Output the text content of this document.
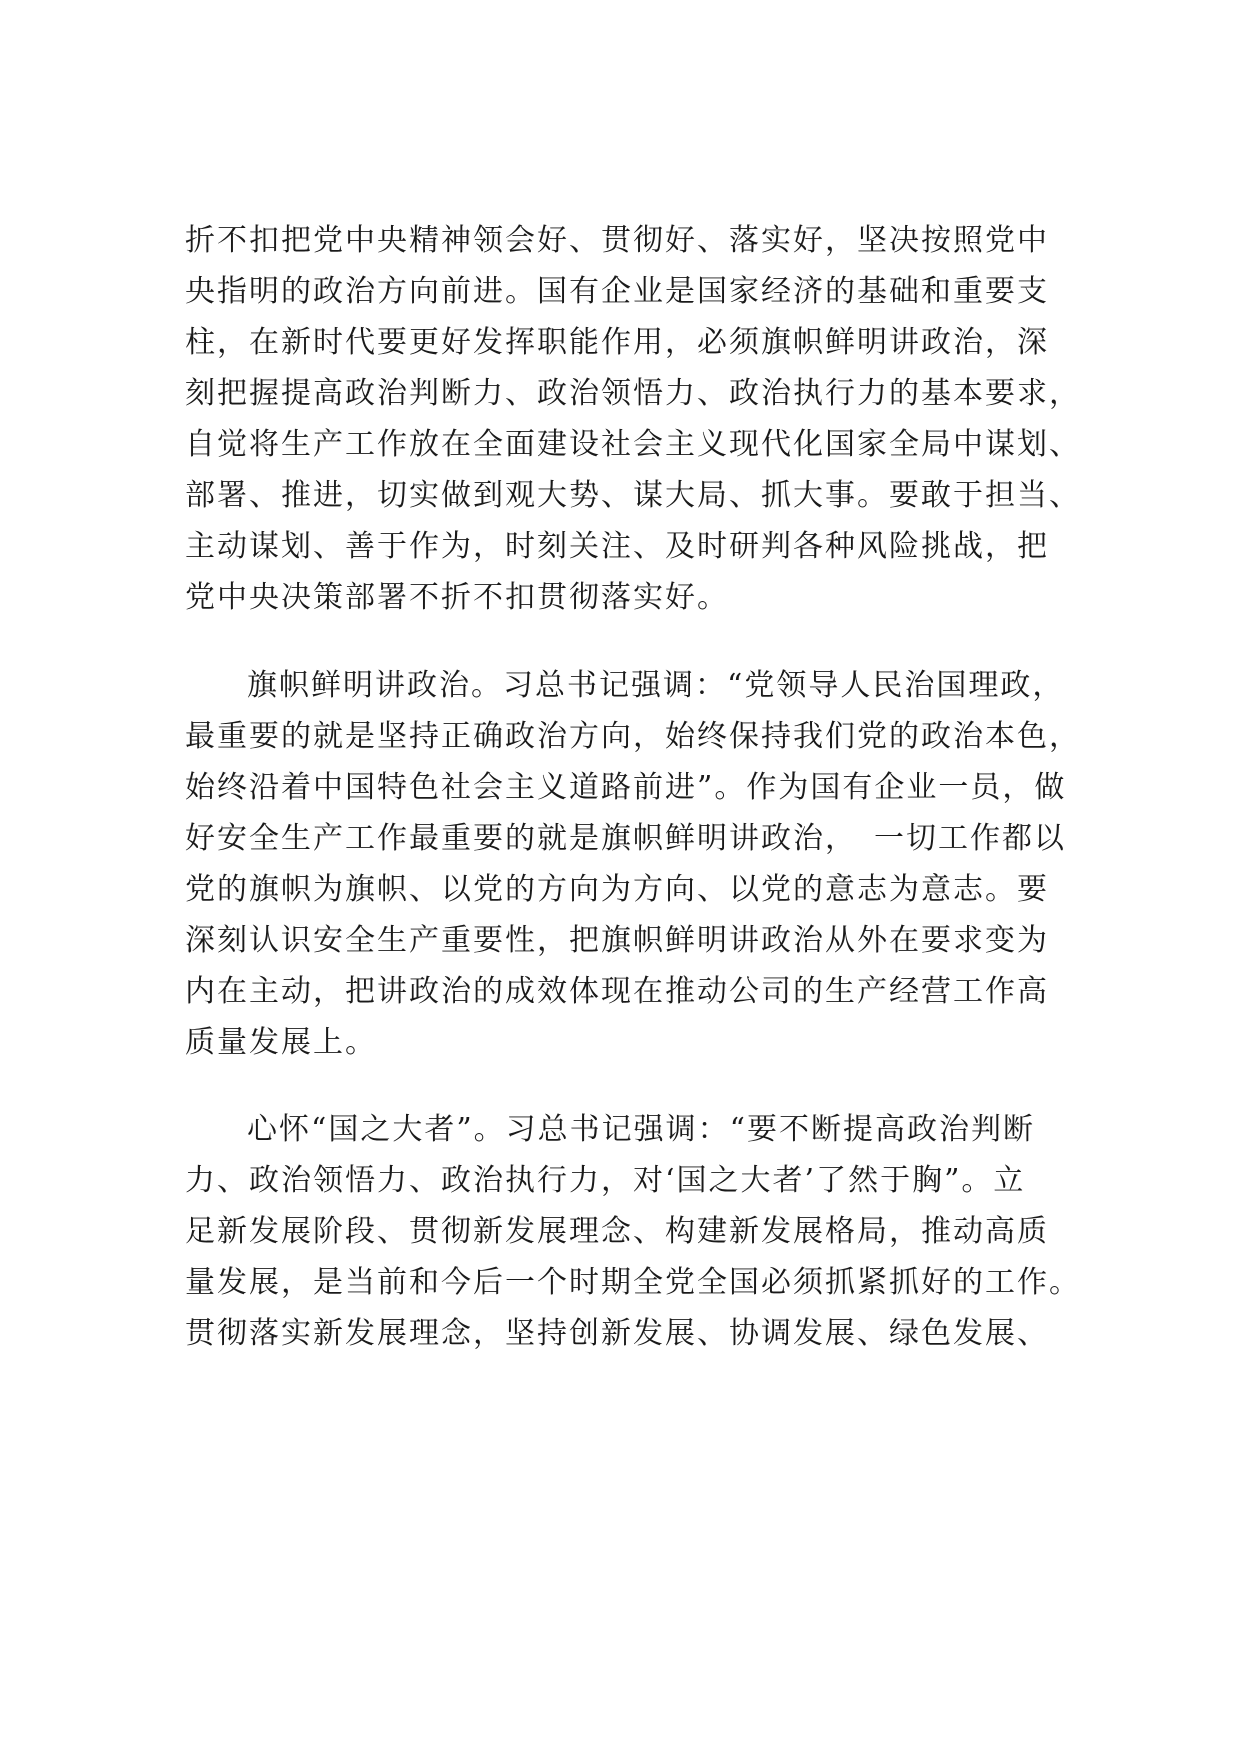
折不扣把党中央精神领会好、贯彻好、落实好，坚决按照党中
央指明的政治方向前进。国有企业是国家经济的基础和重要支
柱，在新时代要更好发挥职能作用，必须旗帜鲜明讲政治，深
刻把握提高政治判断力、政治领悟力、政治执行力的基本要求，
自觉将生产工作放在全面建设社会主义现代化国家全局中谋划、
部署、推进，切实做到观大势、谋大局、抓大事。要敢于担当、
主动谋划、善于作为，时刻关注、及时研判各种风险挑战，把
党中央决策部署不折不扣贯彻落实好。
旗帜鲜明讲政治。习总书记强调：“党领导人民治国理政，
最重要的就是坚持正确政治方向，始终保持我们党的政治本色，
始终沿着中国特色社会主义道路前进”。作为国有企业一员，做
好安全生产工作最重要的就是旗帜鲜明讲政治，　一切工作都以
党的旗帜为旗帜、以党的方向为方向、以党的意志为意志。要
深刻认识安全生产重要性，把旗帜鲜明讲政治从外在要求变为
内在主动，把讲政治的成效体现在推动公司的生产经营工作高
质量发展上。
心怀“国之大者”。习总书记强调：“要不断提高政治判断
力、政治领悟力、政治执行力，对‘国之大者’了然于胸”。立
足新发展阶段、贯彻新发展理念、构建新发展格局，推动高质
量发展，是当前和今后一个时期全党全国必须抓紧抓好的工作。
贯彻落实新发展理念，坚持创新发展、协调发展、绿色发展、
